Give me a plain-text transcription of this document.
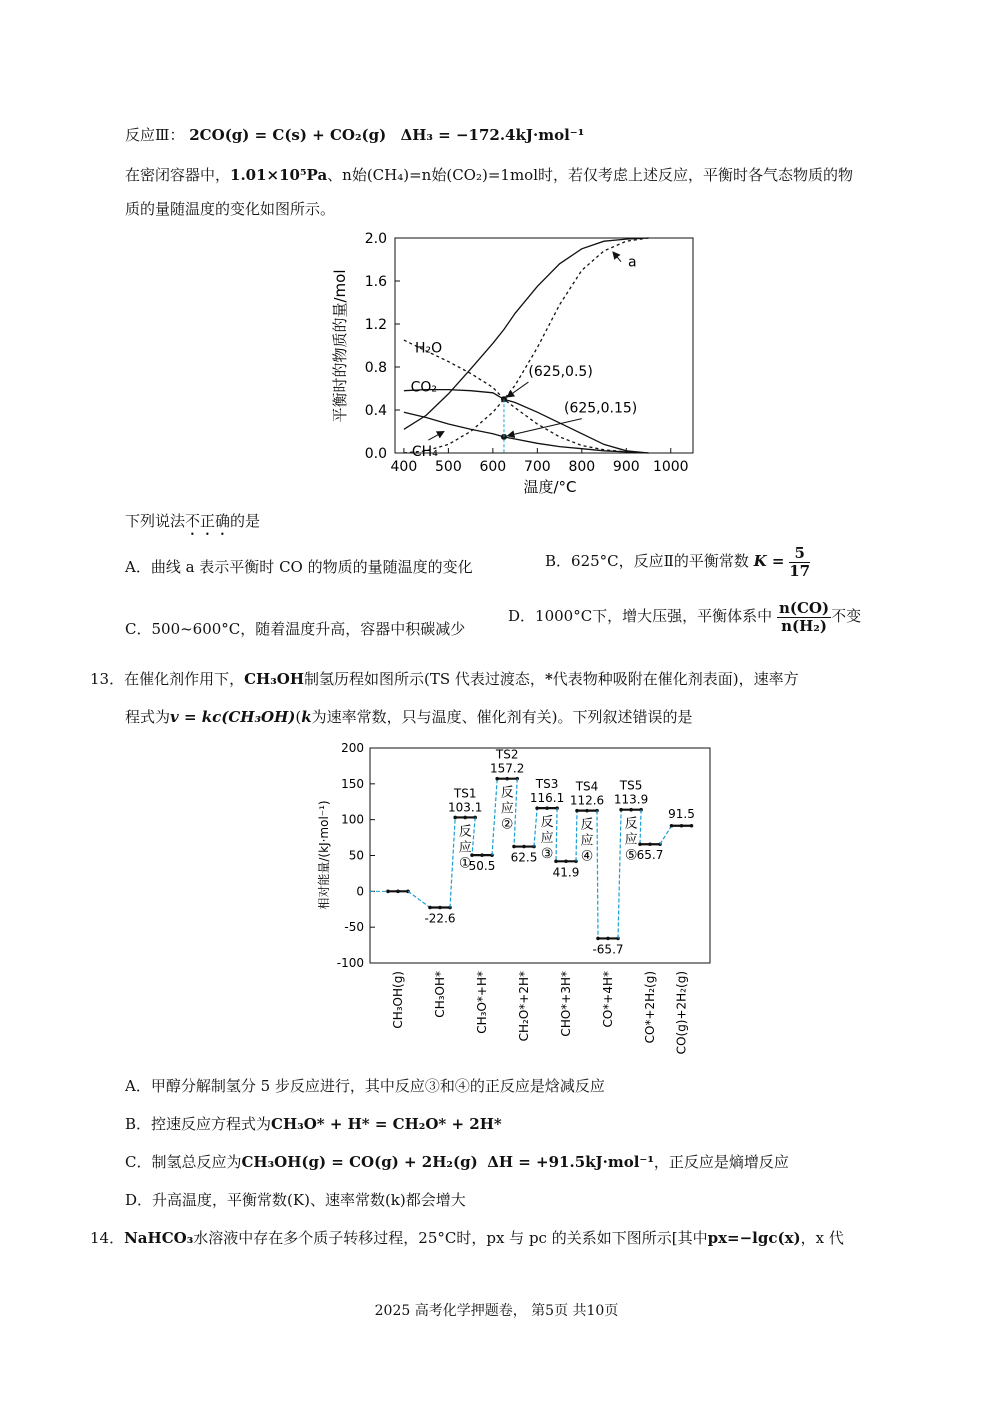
反应Ⅲ： 2CO(g) = C(s) + CO₂(g) ΔH₃ = −172.4kJ·mol⁻¹
在密闭容器中，1.01×10⁵Pa、n始(CH₄)=n始(CO₂)=1mol时，若仅考虑上述反应，平衡时各气态物质的物
质的量随温度的变化如图所示。
400 500 600 700 800 900 1000
0.0
0.4
0.8
1.2
1.6
2.0
H₂O
CO₂
CH₄
a
(625,0.5)
(625,0.15)
温度/°C
平衡时的物质的量/mol
下列说法不正确的是
A．曲线 a 表示平衡时 CO 的物质的量随温度的变化	B．625°C，反应Ⅱ的平衡常数 $K = \frac{5}{17}$
C．500~600°C，随着温度升高，容器中积碳减少
D．1000°C下，增大压强，平衡体系中 $\frac{n(CO)}{\text{n(H₂)}}$ 不变
13．在催化剂作用下，CH₃OH制氢历程如图所示(TS 代表过渡态，*代表物种吸附在催化剂表面)，速率方
程式为v = kc(CH₃OH)(k为速率常数，只与温度、催化剂有关)。下列叙述错误的是
200
150
100
50
0
-50
-100
-22.6
103.1
TS1
50.5
157.2
TS2
62.5
116.1
TS3
41.9
112.6
TS4
-65.7
113.9
TS5
65.7
91.5
反
应
①
反
应
② 反
应
③
反
应
④
反
应
⑤
CH₃OH(g) CH₃OH* CH₃O*+H* CH₂O*+2H* CHO*+3H* CO*+4H* CO*+2H₂(g) CO(g)+2H₂(g)
相对能量/(kJ·mol⁻¹)
A．甲醇分解制氢分 5 步反应进行，其中反应③和④的正反应是焓减反应
B．控速反应方程式为CH₃O* + H* = CH₂O* + 2H*
C．制氢总反应为CH₃OH(g) = CO(g) + 2H₂(g) ΔH = +91.5kJ·mol⁻¹，正反应是熵增反应
D．升高温度，平衡常数(K)、速率常数(k)都会增大
14．NaHCO₃水溶液中存在多个质子转移过程，25°C时，px 与 pc 的关系如下图所示[其中px=−lgc(x)，x 代
2025 高考化学押题卷， 第5页 共10页
